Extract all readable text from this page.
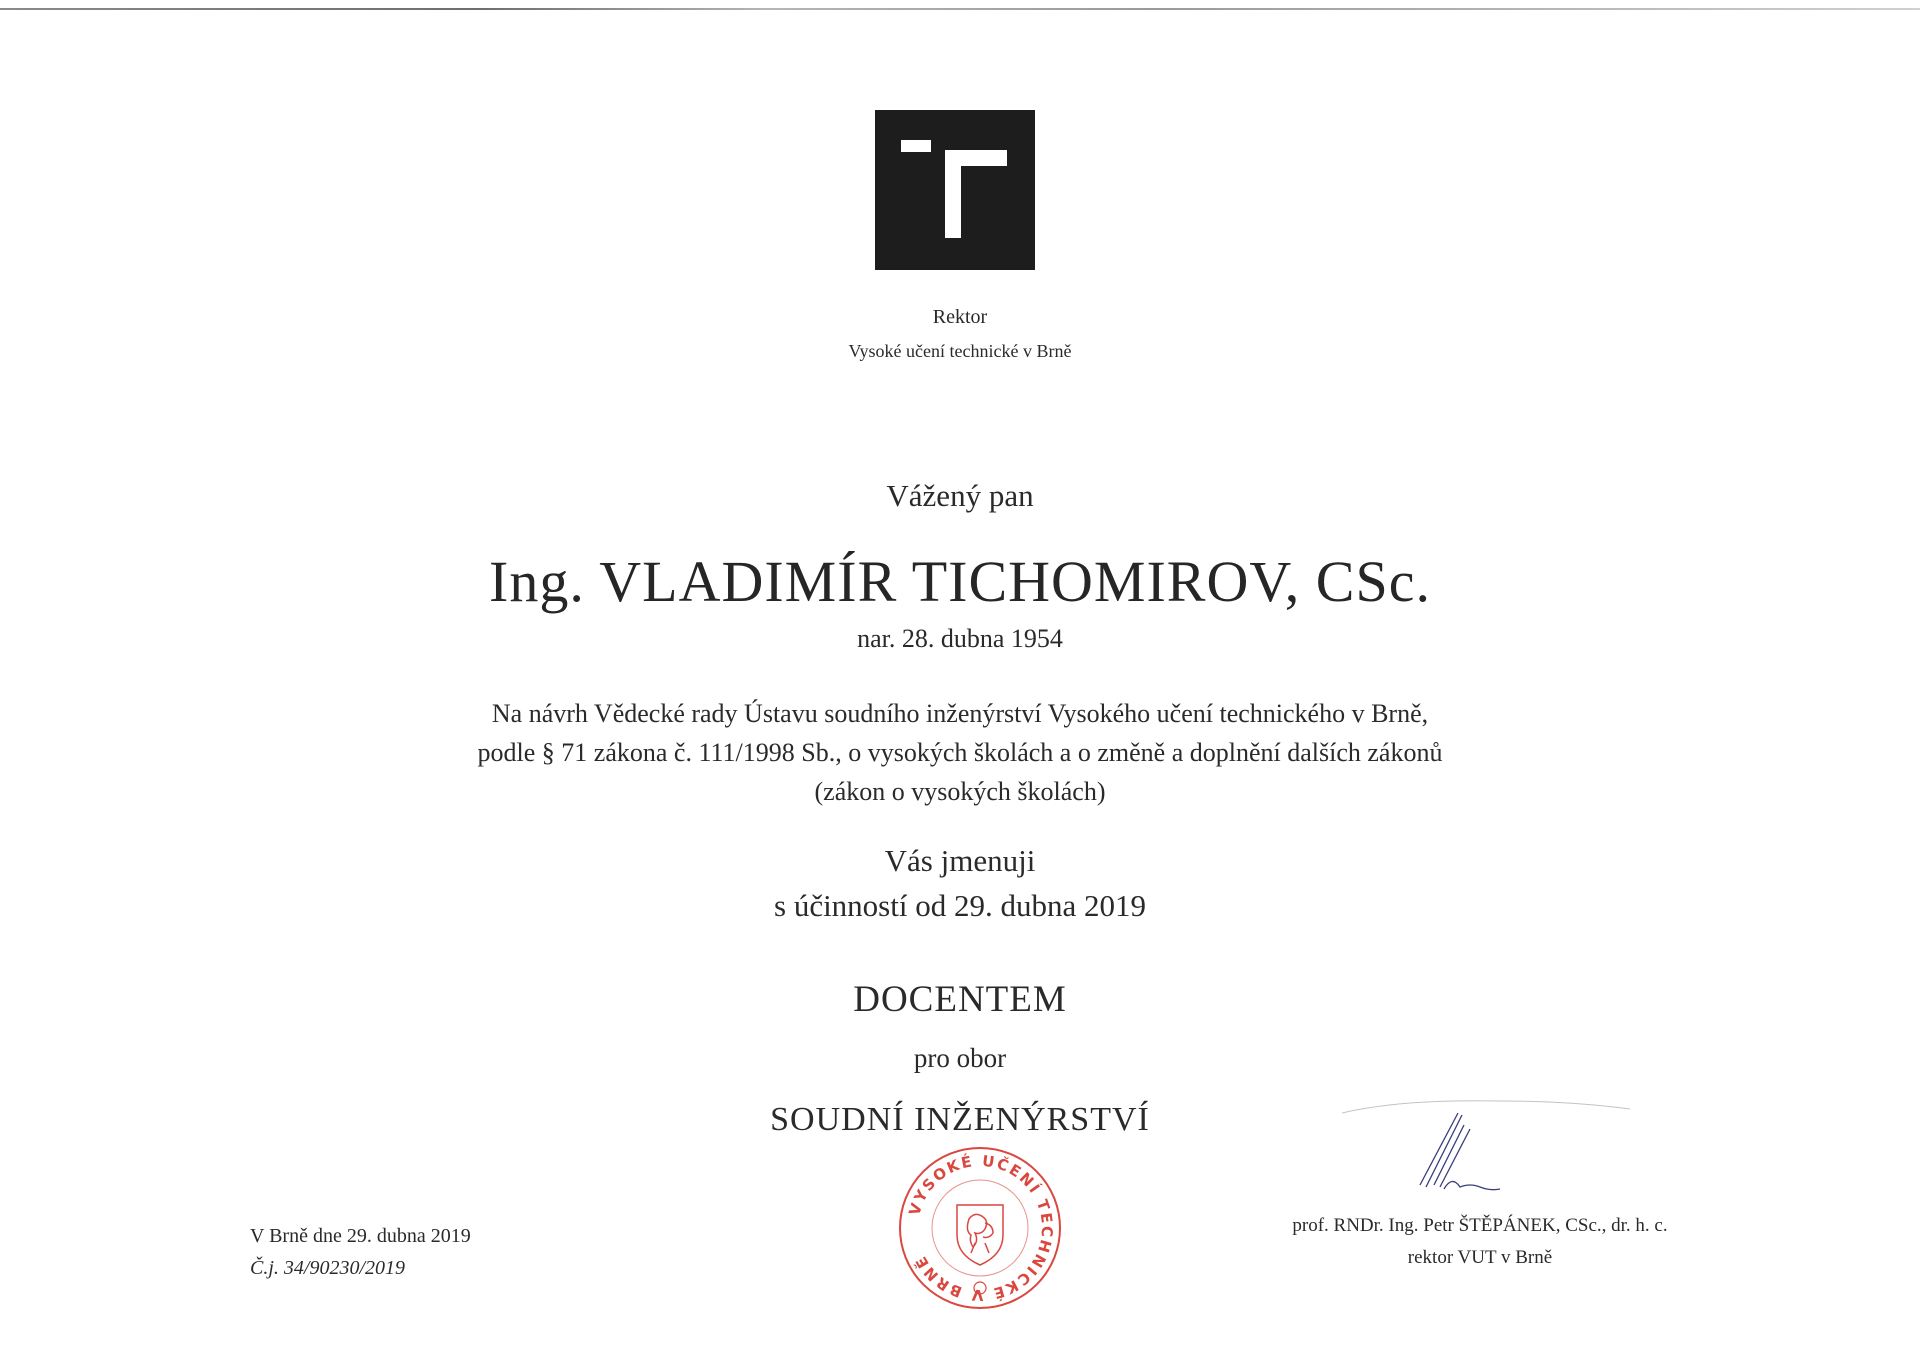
Rektor
Vysoké učení technické v Brně
Vážený pan
Ing. VLADIMÍR TICHOMIROV, CSc.
nar. 28. dubna 1954
Na návrh Vědecké rady Ústavu soudního inženýrství Vysokého učení technického v Brně,
podle § 71 zákona č. 111/1998 Sb., o vysokých školách a o změně a doplnění dalších zákonů
(zákon o vysokých školách)
Vás jmenuji
s účinností od 29. dubna 2019
DOCENTEM
pro obor
SOUDNÍ INŽENÝRSTVÍ
V Brně dne 29. dubna 2019
Č.j. 34/90230/2019
VYSOKÉ UČENÍ TECHNICKÉ V BRNĚ
prof. RNDr. Ing. Petr ŠTĚPÁNEK, CSc., dr. h. c.
rektor VUT v Brně
